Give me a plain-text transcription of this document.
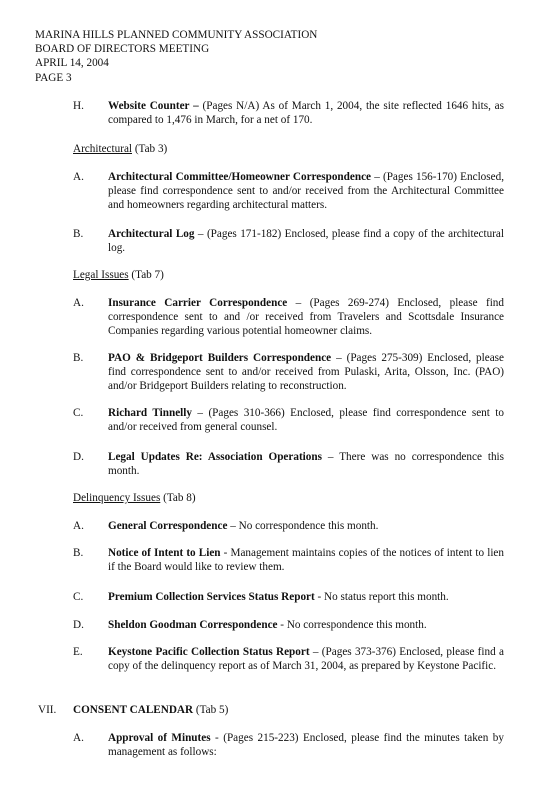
MARINA HILLS PLANNED COMMUNITY ASSOCIATION
BOARD OF DIRECTORS MEETING
APRIL 14, 2004
PAGE 3
H. Website Counter – (Pages N/A) As of March 1, 2004, the site reflected 1646 hits, as compared to 1,476 in March, for a net of 170.
Architectural (Tab 3)
A. Architectural Committee/Homeowner Correspondence – (Pages 156-170) Enclosed, please find correspondence sent to and/or received from the Architectural Committee and homeowners regarding architectural matters.
B. Architectural Log – (Pages 171-182) Enclosed, please find a copy of the architectural log.
Legal Issues (Tab 7)
A. Insurance Carrier Correspondence – (Pages 269-274) Enclosed, please find correspondence sent to and /or received from Travelers and Scottsdale Insurance Companies regarding various potential homeowner claims.
B. PAO & Bridgeport Builders Correspondence – (Pages 275-309) Enclosed, please find correspondence sent to and/or received from Pulaski, Arita, Olsson, Inc. (PAO) and/or Bridgeport Builders relating to reconstruction.
C. Richard Tinnelly – (Pages 310-366) Enclosed, please find correspondence sent to and/or received from general counsel.
D. Legal Updates Re: Association Operations – There was no correspondence this month.
Delinquency Issues (Tab 8)
A. General Correspondence – No correspondence this month.
B. Notice of Intent to Lien - Management maintains copies of the notices of intent to lien if the Board would like to review them.
C. Premium Collection Services Status Report - No status report this month.
D. Sheldon Goodman Correspondence - No correspondence this month.
E. Keystone Pacific Collection Status Report – (Pages 373-376) Enclosed, please find a copy of the delinquency report as of March 31, 2004, as prepared by Keystone Pacific.
VII. CONSENT CALENDAR (Tab 5)
A. Approval of Minutes - (Pages 215-223) Enclosed, please find the minutes taken by management as follows:
